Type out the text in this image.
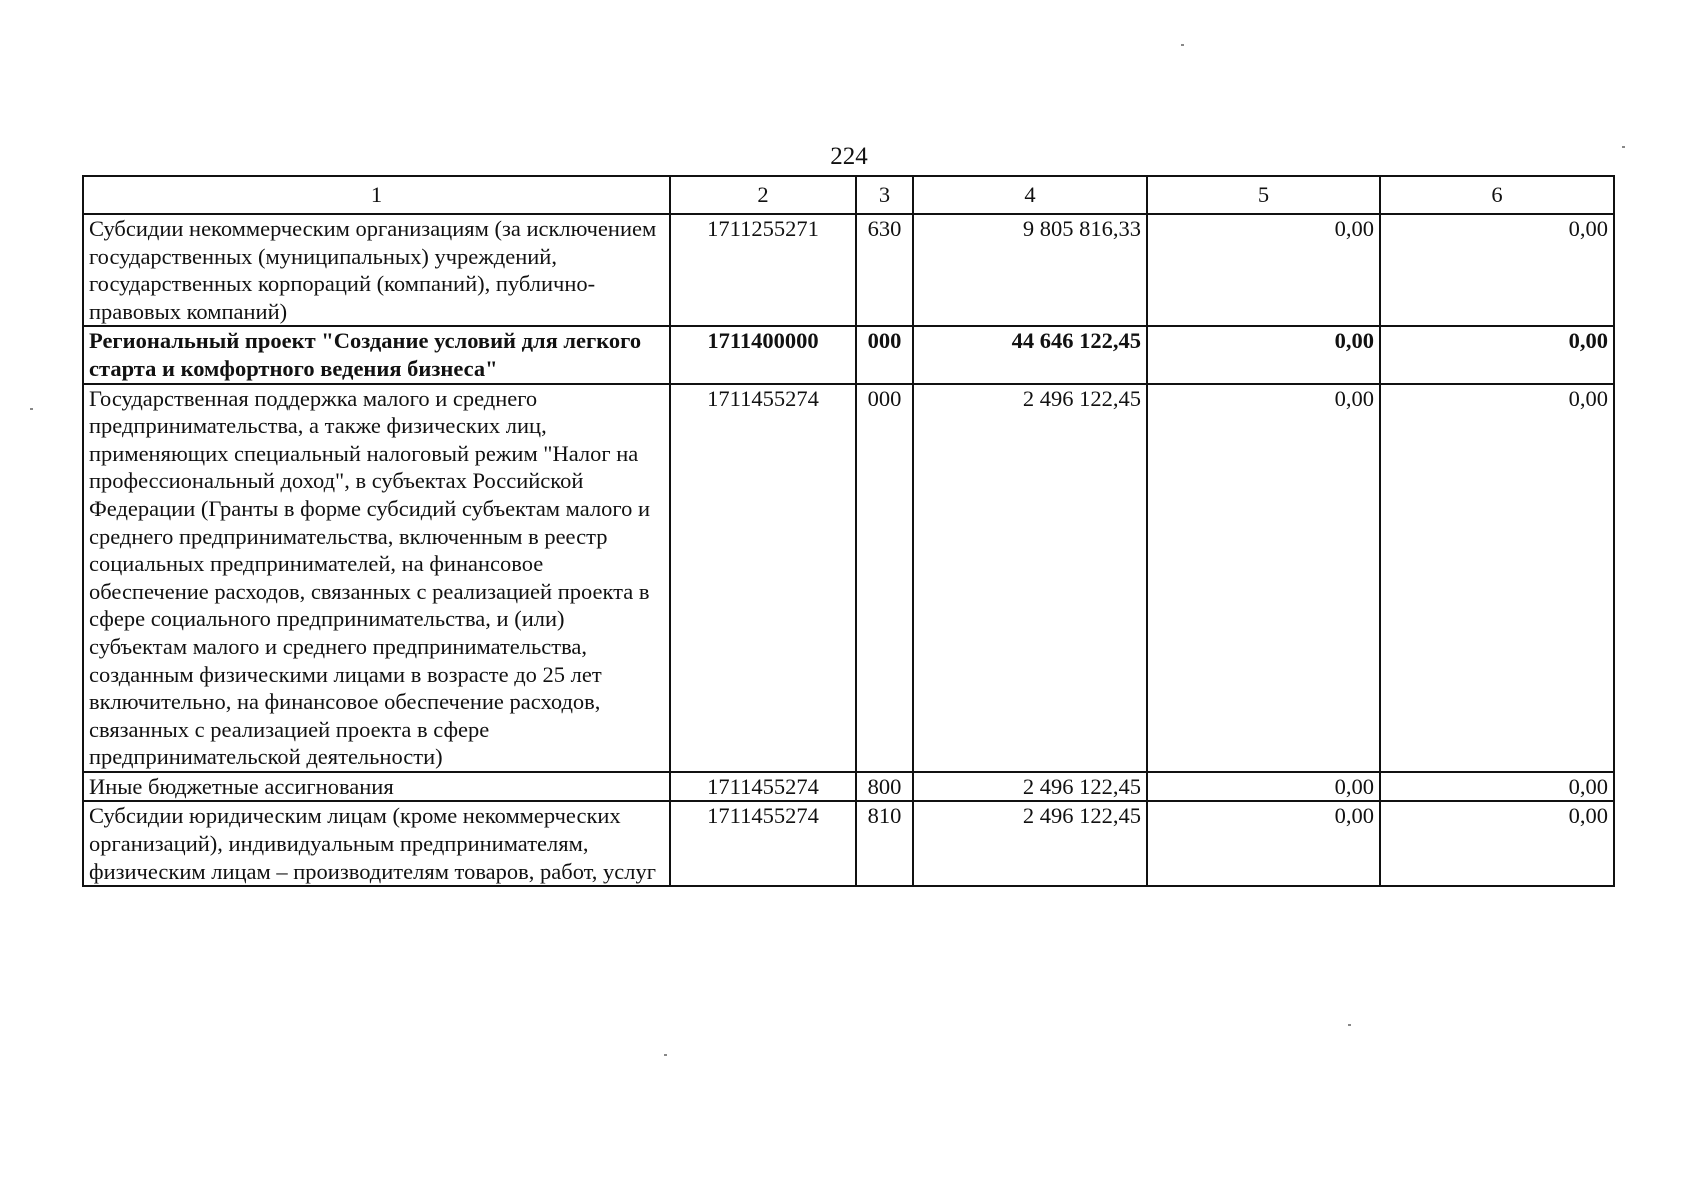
224
1	2	3	4	5	6
Субсидии некоммерческим организациям (за исключением государственных (муниципальных) учреждений, государственных корпораций (компаний), публично-правовых компаний)	1711255271	630	9 805 816,33	0,00	0,00
Региональный проект "Создание условий для легкого старта и комфортного ведения бизнеса"	1711400000	000	44 646 122,45	0,00	0,00
Государственная поддержка малого и среднего предпринимательства, а также физических лиц, применяющих специальный налоговый режим "Налог на профессиональный доход", в субъектах Российской Федерации (Гранты в форме субсидий субъектам малого и среднего предпринимательства, включенным в реестр социальных предпринимателей, на финансовое обеспечение расходов, связанных с реализацией проекта в сфере социального предпринимательства, и (или) субъектам малого и среднего предпринимательства, созданным физическими лицами в возрасте до 25 лет включительно, на финансовое обеспечение расходов, связанных с реализацией проекта в сфере предпринимательской деятельности)	1711455274	000	2 496 122,45	0,00	0,00
Иные бюджетные ассигнования	1711455274	800	2 496 122,45	0,00	0,00
Субсидии юридическим лицам (кроме некоммерческих организаций), индивидуальным предпринимателям, физическим лицам – производителям товаров, работ, услуг	1711455274	810	2 496 122,45	0,00	0,00
